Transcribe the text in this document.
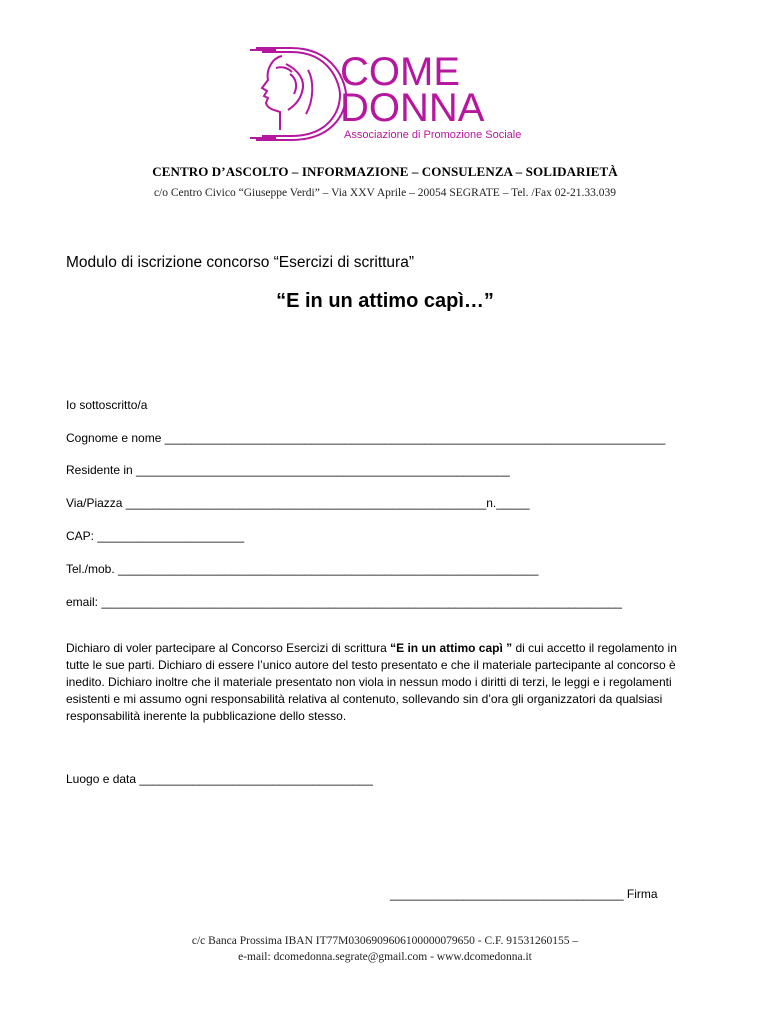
COME
DONNA
Associazione di Promozione Sociale
CENTRO D’ASCOLTO – INFORMAZIONE – CONSULENZA – SOLIDARIETÀ
c/o Centro Civico “Giuseppe Verdi” – Via XXV Aprile – 20054 SEGRATE – Tel. /Fax 02-21.33.039
Modulo di iscrizione concorso “Esercizi di scrittura”
“E in un attimo capì…”
Io sottoscritto/a
Cognome e nome ___________________________________________________________________________
Residente in ________________________________________________________
Via/Piazza ______________________________________________________n._____
CAP: ______________________
Tel./mob. _______________________________________________________________
email: ______________________________________________________________________________
Dichiaro di voler partecipare al Concorso Esercizi di scrittura “E in un attimo capì ” di cui accetto il regolamento in tutte le sue parti. Dichiaro di essere l’unico autore del testo presentato e che il materiale partecipante al concorso è inedito. Dichiaro inoltre che il materiale presentato non viola in nessun modo i diritti di terzi, le leggi e i regolamenti esistenti e mi assumo ogni responsabilità relativa al contenuto, sollevando sin d’ora gli organizzatori da qualsiasi responsabilità inerente la pubblicazione dello stesso.
Luogo e data ___________________________________
___________________________________ Firma
c/c Banca Prossima IBAN IT77M0306909606100000079650 - C.F. 91531260155 –
e-mail: dcomedonna.segrate@gmail.com - www.dcomedonna.it
